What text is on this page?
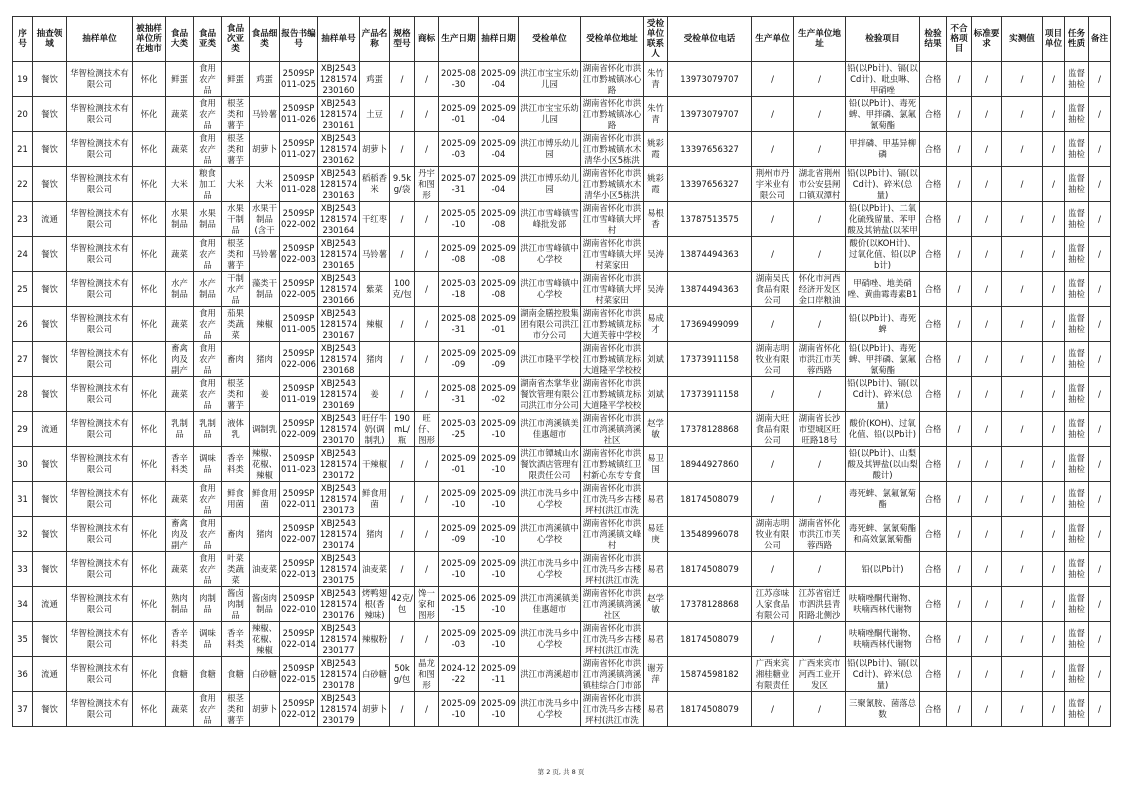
序号	抽查领域	抽样单位	被抽样单位所在地市	食品大类	食品亚类	食品次亚类	食品细类	报告书编号	抽样单号	产品名称	规格型号	商标	生产日期	抽样日期	受检单位	受检单位地址	受检单位联系人	受检单位电话	生产单位	生产单位地址	检验项目	检验结果	不合格项目	标准要求	实测值	项目单位	任务性质	备注

19	餐饮	华智检测技术有限公司	怀化	鲜蛋	食用农产品	鲜蛋	鸡蛋	2509SP011-025	XBJ25431281574230160	鸡蛋	/	/	2025-08-30	2025-09-04	洪江市宝宝乐幼儿园	湖南省怀化市洪江市黔城镇冰心路	朱竹青	13973079707	/	/	铅(以Pb计)、镉(以Cd计)、吡虫啉、甲硝唑	合格	/	/	/	/	监督抽检	/

20	餐饮	华智检测技术有限公司	怀化	蔬菜	食用农产品	根茎类和薯芋	马铃薯	2509SP011-026	XBJ25431281574230161	土豆	/	/	2025-09-01	2025-09-04	洪江市宝宝乐幼儿园	湖南省怀化市洪江市黔城镇冰心路	朱竹青	13973079707	/	/	铅(以Pb计)、毒死蜱、甲拌磷、氯氟氰菊酯	合格	/	/	/	/	监督抽检	/

21	餐饮	华智检测技术有限公司	怀化	蔬菜	食用农产品	根茎类和薯芋	胡萝卜	2509SP011-027	XBJ25431281574230162	胡萝卜	/	/	2025-09-03	2025-09-04	洪江市博乐幼儿园	湖南省怀化市洪江市黔城镇水木清华小区5栋洪	姚彩霞	13397656327	/	/	甲拌磷、甲基异柳磷	合格	/	/	/	/	监督抽检	/

22	餐饮	华智检测技术有限公司	怀化	大米	粮食加工品	大米	大米	2509SP011-028	XBJ25431281574230163	稻稻香米	9.5kg/袋	丹宇和图形	2025-07-31	2025-09-04	洪江市博乐幼儿园	湖南省怀化市洪江市黔城镇水木清华小区5栋洪	姚彩霞	13397656327	荆州市丹宇米业有限公司	湖北省荆州市公安县闸口镇双潭村	铅(以Pb计)、镉(以Cd计)、碎米(总量)	合格	/	/	/	/	监督抽检	/

23	流通	华智检测技术有限公司	怀化	水果制品	水果制品	水果干制品	水果干制品(含干	2509SP022-002	XBJ25431281574230164	干红枣	/	/	2025-05-10	2025-09-08	洪江市雪峰镇雪峰批发部	湖南省怀化市洪江市雪峰镇大坪村	易根香	13787513575	/	/	铅(以Pb计)、二氧化硫残留量、苯甲酸及其钠盐(以苯甲	合格	/	/	/	/	监督抽检	/

24	餐饮	华智检测技术有限公司	怀化	蔬菜	食用农产品	根茎类和薯芋	马铃薯	2509SP022-003	XBJ25431281574230165	马铃薯	/	/	2025-09-08	2025-09-08	洪江市雪峰镇中心学校	湖南省怀化市洪江市雪峰镇大坪村菜家田	吴涛	13874494363	/	/	酸价(以KOH计)、过氧化值、铅(以Pb计)	合格	/	/	/	/	监督抽检	/

25	餐饮	华智检测技术有限公司	怀化	水产制品	水产制品	干制水产品	藻类干制品	2509SP022-005	XBJ25431281574230166	紫菜	100克/包	/	2025-03-18	2025-09-08	洪江市雪峰镇中心学校	湖南省怀化市洪江市雪峰镇大坪村菜家田	吴涛	13874494363	湖南吴氏食品有限公司	怀化市河西经济开发区金口岸粮油	甲硝唑、地美硝唑、黄曲霉毒素B1	合格	/	/	/	/	监督抽检	/

26	餐饮	华智检测技术有限公司	怀化	蔬菜	食用农产品	茄果类蔬菜	辣椒	2509SP011-005	XBJ25431281574230167	辣椒	/	/	2025-08-31	2025-09-01	湖南金膳控股集团有限公司洪江市分公司	湖南省怀化市洪江市黔城镇龙标大道芙蓉中学校	易成才	17369499099	/	/	铅(以Pb计)、毒死蜱	合格	/	/	/	/	监督抽检	/

27	餐饮	华智检测技术有限公司	怀化	畜禽肉及副产	食用农产品	畜肉	猪肉	2509SP022-006	XBJ25431281574230168	猪肉	/	/	2025-09-09	2025-09-09	洪江市隆平学校	湖南省怀化市洪江市黔城镇龙标大道隆平学校校	刘斌	17373911158	湖南志明牧业有限公司	湖南省怀化市洪江市芙蓉西路	铅(以Pb计)、毒死蜱、甲拌磷、氯氟氰菊酯	合格	/	/	/	/	监督抽检	/

28	餐饮	华智检测技术有限公司	怀化	蔬菜	食用农产品	根茎类和薯芋	姜	2509SP011-019	XBJ25431281574230169	姜	/	/	2025-08-31	2025-09-02	湖南省杰掌华业餐饮管理有限公司洪江市分公司	湖南省怀化市洪江市黔城镇龙标大道隆平学校校	刘斌	17373911158	/	/	铅(以Pb计)、镉(以Cd计)、碎米(总量)	合格	/	/	/	/	监督抽检	/

29	流通	华智检测技术有限公司	怀化	乳制品	乳制品	液体乳	调制乳	2509SP022-009	XBJ25431281574230170	旺仔牛奶(调制乳)	190mL/瓶	旺仔、图形	2025-03-25	2025-09-10	洪江市湾溪镇美佳惠超市	湖南省怀化市洪江市湾溪镇湾溪社区	赵学敏	17378128868	湖南大旺食品有限公司	湖南省长沙市望城区旺旺路18号	酸价(KOH)、过氧化值、铅(以Pb计)	合格	/	/	/	/	监督抽检	/

30	餐饮	华智检测技术有限公司	怀化	香辛料类	调味品	香辛料类	辣椒、花椒、辣椒	2509SP011-023	XBJ25431281574230172	干辣椒	/	/	2025-09-01	2025-09-10	洪江市镡城山水餐饮酒店管理有限责任公司	湖南省怀化市洪江市黔城镇红卫村新心东专专食	易卫国	18944927860	/	/	铅(以Pb计)、山梨酸及其钾盐(以山梨酸计)	合格	/	/	/	/	监督抽检	/

31	餐饮	华智检测技术有限公司	怀化	蔬菜	食用农产品	鲜食用菌	鲜食用菌	2509SP022-011	XBJ25431281574230173	鲜食用菌	/	/	2025-09-10	2025-09-10	洪江市洗马乡中心学校	湖南省怀化市洪江市洗马乡古楼坪村(洪江市洗	易君	18174508079	/	/	毒死蜱、氯氟氰菊酯	合格	/	/	/	/	监督抽检	/

32	餐饮	华智检测技术有限公司	怀化	畜禽肉及副产	食用农产品	畜肉	猪肉	2509SP022-007	XBJ25431281574230174	猪肉	/	/	2025-09-09	2025-09-10	洪江市湾溪镇中心学校	湖南省怀化市洪江市湾溪镇文峰村	易廷庚	13548996078	湖南志明牧业有限公司	湖南省怀化市洪江市芙蓉西路	毒死蜱、氯氰菊酯和高效氯氰菊酯	合格	/	/	/	/	监督抽检	/

33	餐饮	华智检测技术有限公司	怀化	蔬菜	食用农产品	叶菜类蔬菜	油麦菜	2509SP022-013	XBJ25431281574230175	油麦菜	/	/	2025-09-10	2025-09-10	洪江市洗马乡中心学校	湖南省怀化市洪江市洗马乡古楼坪村(洪江市洗	易君	18174508079	/	/	铅(以Pb计)	合格	/	/	/	/	监督抽检	/

34	流通	华智检测技术有限公司	怀化	熟肉制品	肉制品	酱卤肉制品	酱卤肉制品	2509SP022-010	XBJ25431281574230176	烤鸭翅根(香辣味)	42克/包	馋一家和图形	2025-06-15	2025-09-10	洪江市湾溪镇美佳惠超市	湖南省怀化市洪江市湾溪镇湾溪社区	赵学敏	17378128868	江苏彦味人家食品有限公司	江苏省宿迁市泗洪县青阳路北侧沙	呋喃唑酮代谢物、呋喃西林代谢物	合格	/	/	/	/	监督抽检	/

35	餐饮	华智检测技术有限公司	怀化	香辛料类	调味品	香辛料类	辣椒、花椒、辣椒	2509SP022-014	XBJ25431281574230177	辣椒粉	/	/	2025-09-03	2025-09-10	洪江市洗马乡中心学校	湖南省怀化市洪江市洗马乡古楼坪村(洪江市洗	易君	18174508079	/	/	呋喃唑酮代谢物、呋喃西林代谢物	合格	/	/	/	/	监督抽检	/

36	流通	华智检测技术有限公司	怀化	食糖	食糖	食糖	白砂糖	2509SP022-015	XBJ25431281574230178	白砂糖	50kg/包	晶龙和图形	2024-12-22	2025-09-11	洪江市湾溪超市	湖南省怀化市洪江市湾溪镇湾溪镇桂综合门市部	谢芳萍	15874598182	广西来宾湘桂糖业有限责任	广西来宾市河西工业开发区	铅(以Pb计)、镉(以Cd计)、碎米(总量)	合格	/	/	/	/	监督抽检	/

37	餐饮	华智检测技术有限公司	怀化	蔬菜	食用农产品	根茎类和薯芋	胡萝卜	2509SP022-012	XBJ25431281574230179	胡萝卜	/	/	2025-09-10	2025-09-10	洪江市洗马乡中心学校	湖南省怀化市洪江市洗马乡古楼坪村(洪江市洗	易君	18174508079	/	/	三聚氰胺、菌落总数	合格	/	/	/	/	监督抽检	/
第 2 页, 共 8 页
